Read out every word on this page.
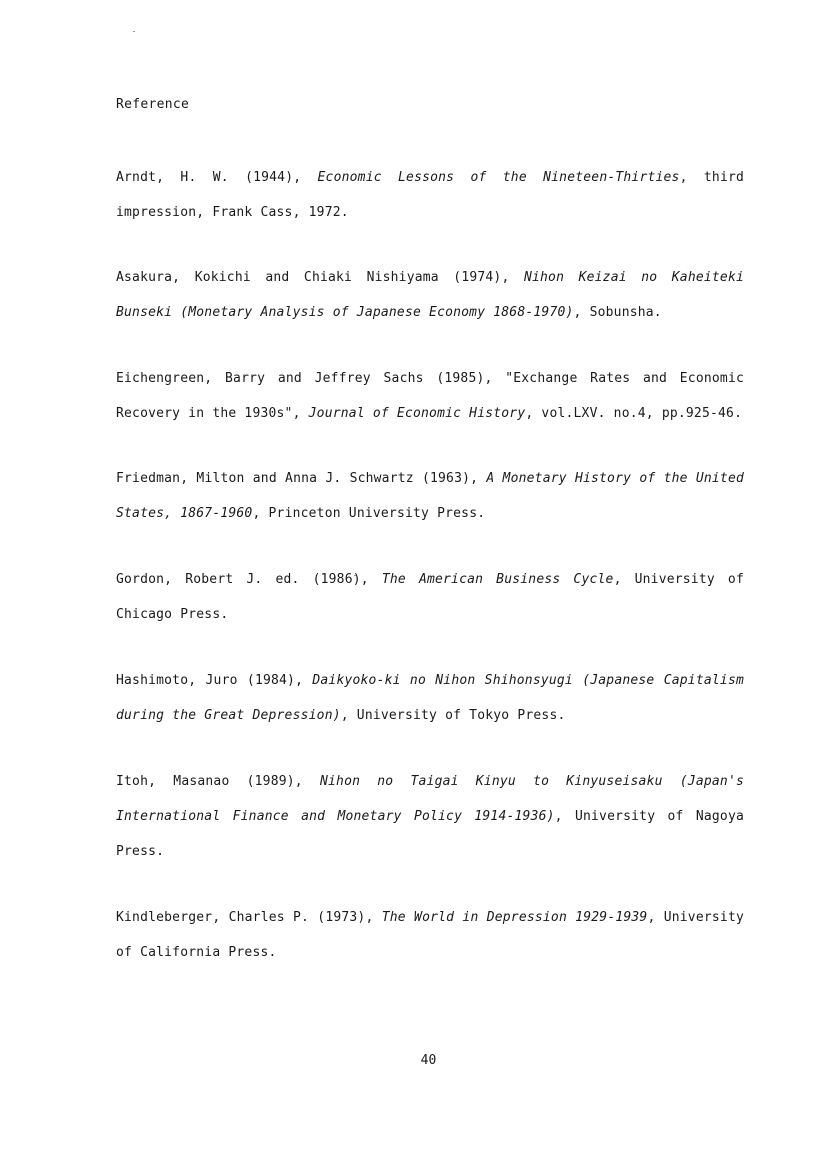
Reference
Arndt, H. W. (1944), Economic Lessons of the Nineteen-Thirties, third impression, Frank Cass, 1972.
Asakura, Kokichi and Chiaki Nishiyama (1974), Nihon Keizai no Kaheiteki Bunseki (Monetary Analysis of Japanese Economy 1868-1970), Sobunsha.
Eichengreen, Barry and Jeffrey Sachs (1985), "Exchange Rates and Economic Recovery in the 1930s", Journal of Economic History, vol.LXV. no.4, pp.925-46.
Friedman, Milton and Anna J. Schwartz (1963), A Monetary History of the United States, 1867-1960, Princeton University Press.
Gordon, Robert J. ed. (1986), The American Business Cycle, University of Chicago Press.
Hashimoto, Juro (1984), Daikyoko-ki no Nihon Shihonsyugi (Japanese Capitalism during the Great Depression), University of Tokyo Press.
Itoh, Masanao (1989), Nihon no Taigai Kinyu to Kinyuseisaku (Japan's International Finance and Monetary Policy 1914-1936), University of Nagoya Press.
Kindleberger, Charles P. (1973), The World in Depression 1929-1939, University of California Press.
40
